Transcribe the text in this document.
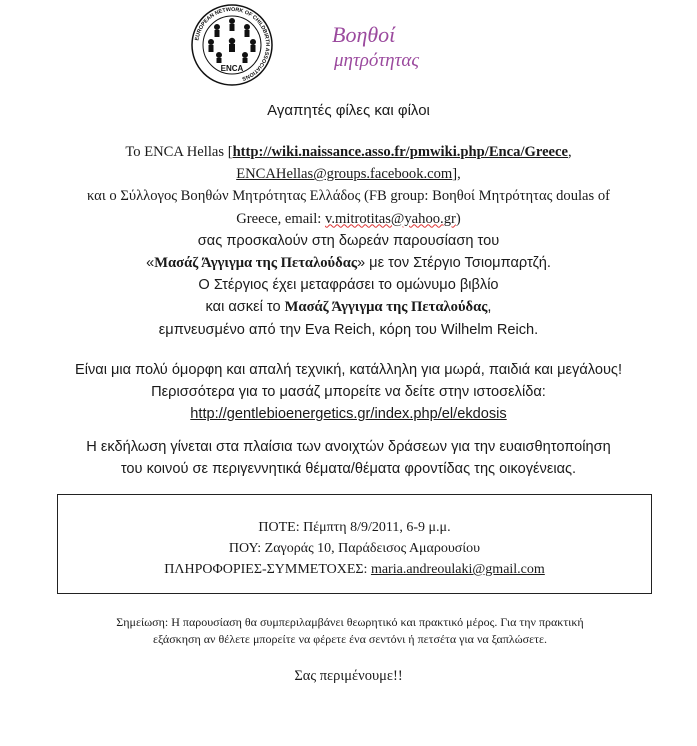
EUROPEAN NETWORK OF CHILDBIRTH ASSOCIATIONS
ENCA
Βοηθοί
μητρότητας
Αγαπητές φίλες και φίλοι
Το ENCA Hellas [http://wiki.naissance.asso.fr/pmwiki.php/Enca/Greece,
ENCAHellas@groups.facebook.com],
και ο Σύλλογος Βοηθών Μητρότητας Ελλάδος (FB group: Βοηθοί Μητρότητας doulas of
Greece, email: v.mitrotitas@yahoo.gr)
σας προσκαλούν στη δωρεάν παρουσίαση του
«Μασάζ Άγγιγμα της Πεταλούδας» με τον Στέργιο Τσιομπαρτζή.
Ο Στέργιος έχει μεταφράσει το ομώνυμο βιβλίο
και ασκεί το Μασάζ Άγγιγμα της Πεταλούδας,
εμπνευσμένο από την Eva Reich, κόρη του Wilhelm Reich.
Είναι μια πολύ όμορφη και απαλή τεχνική, κατάλληλη για μωρά, παιδιά και μεγάλους!
Περισσότερα για το μασάζ μπορείτε να δείτε στην ιστοσελίδα:
http://gentlebioenergetics.gr/index.php/el/ekdosis
Η εκδήλωση γίνεται στα πλαίσια των ανοιχτών δράσεων για την ευαισθητοποίηση
του κοινού σε περιγεννητικά θέματα/θέματα φροντίδας της οικογένειας.
ΠΟΤΕ: Πέμπτη 8/9/2011, 6-9 μ.μ.
ΠΟΥ: Ζαγοράς 10, Παράδεισος Αμαρουσίου
ΠΛΗΡΟΦΟΡΙΕΣ-ΣΥΜΜΕΤΟΧΕΣ: maria.andreoulaki@gmail.com
Σημείωση: Η παρουσίαση θα συμπεριλαμβάνει θεωρητικό και πρακτικό μέρος. Για την πρακτική
εξάσκηση αν θέλετε μπορείτε να φέρετε ένα σεντόνι ή πετσέτα για να ξαπλώσετε.
Σας περιμένουμε!!
